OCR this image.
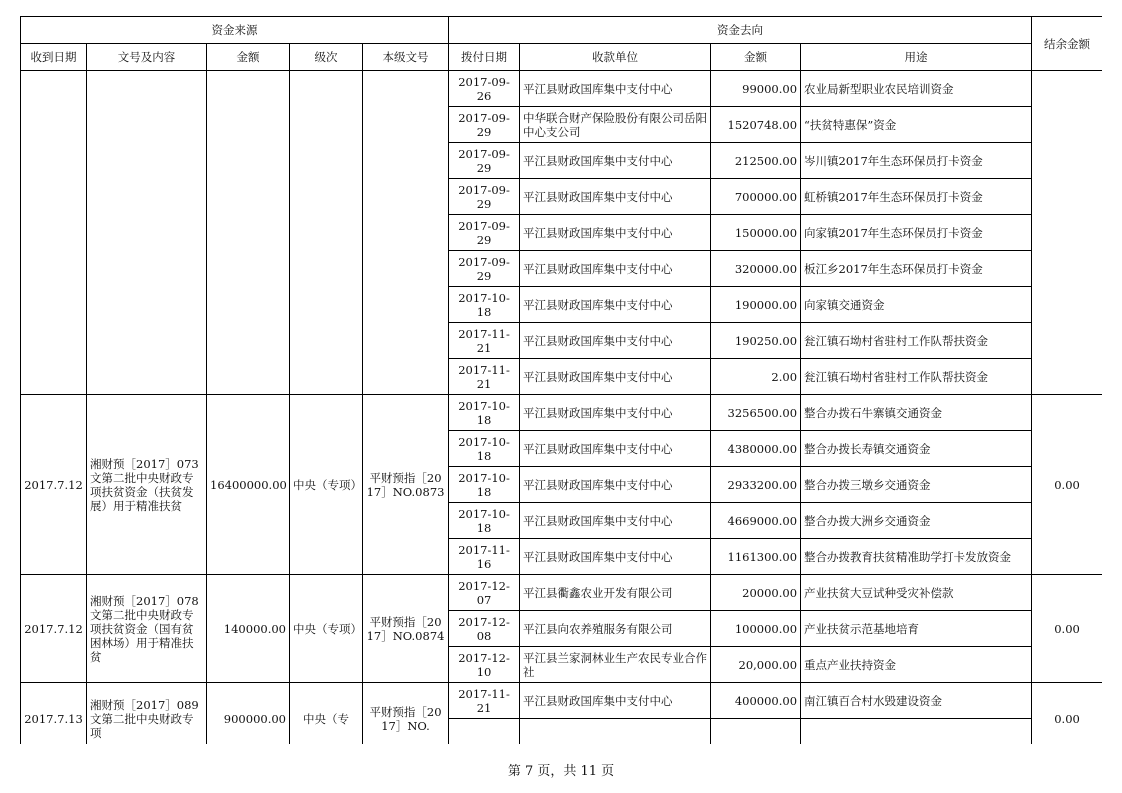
资金来源					资金去向				结余金额
收到日期	文号及内容	金额	级次	本级文号	拨付日期	收款单位	金额	用途	
					2017-09-26	平江县财政国库集中支付中心	99000.00	农业局新型职业农民培训资金	
					2017-09-29	中华联合财产保险股份有限公司岳阳中心支公司	1520748.00	“扶贫特惠保”资金	
					2017-09-29	平江县财政国库集中支付中心	212500.00	岑川镇2017年生态环保员打卡资金	
					2017-09-29	平江县财政国库集中支付中心	700000.00	虹桥镇2017年生态环保员打卡资金	
					2017-09-29	平江县财政国库集中支付中心	150000.00	向家镇2017年生态环保员打卡资金	
					2017-09-29	平江县财政国库集中支付中心	320000.00	板江乡2017年生态环保员打卡资金	
					2017-10-18	平江县财政国库集中支付中心	190000.00	向家镇交通资金	
					2017-11-21	平江县财政国库集中支付中心	190250.00	瓮江镇石坳村省驻村工作队帮扶资金	
					2017-11-21	平江县财政国库集中支付中心	2.00	瓮江镇石坳村省驻村工作队帮扶资金	
2017.7.12	湘财预［2017］073文第二批中央财政专项扶贫资金（扶贫发展）用于精准扶贫	16400000.00	中央（专项）	平财预指［2017］NO.0873	2017-10-18	平江县财政国库集中支付中心	3256500.00	整合办拨石牛寨镇交通资金	0.00
					2017-10-18	平江县财政国库集中支付中心	4380000.00	整合办拨长寿镇交通资金	
					2017-10-18	平江县财政国库集中支付中心	2933200.00	整合办拨三墩乡交通资金	
					2017-10-18	平江县财政国库集中支付中心	4669000.00	整合办拨大洲乡交通资金	
					2017-11-16	平江县财政国库集中支付中心	1161300.00	整合办拨教育扶贫精准助学打卡发放资金	
2017.7.12	湘财预［2017］078文第二批中央财政专项扶贫资金（国有贫困林场）用于精准扶贫	140000.00	中央（专项）	平财预指［2017］NO.0874	2017-12-07	平江县衢鑫农业开发有限公司	20000.00	产业扶贫大豆试种受灾补偿款	0.00
					2017-12-08	平江县向农养殖服务有限公司	100000.00	产业扶贫示范基地培育	
					2017-12-10	平江县兰家洞林业生产农民专业合作社	20,000.00	重点产业扶持资金	
2017.7.13	湘财预［2017］089文第二批中央财政专项	900000.00	中央（专	平财预指［2017］NO.	2017-11-21	平江县财政国库集中支付中心	400000.00	南江镇百合村水毁建设资金	0.00

第 7 页，共 11 页
